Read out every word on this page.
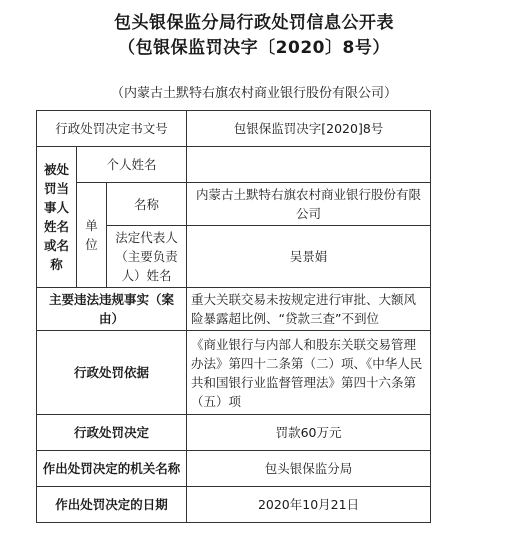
包头银保监分局行政处罚信息公开表
（包银保监罚决字〔2020〕8号）
（内蒙古土默特右旗农村商业银行股份有限公司）
行政处罚决定书文号			包银保监罚决字[2020]8号
被处罚当事人姓名或名称	个人姓名		
	单位	名称	内蒙古土默特右旗农村商业银行股份有限公司
		法定代表人（主要负责人）姓名	吴景娟
主要违法违规事实（案由）			重大关联交易未按规定进行审批、大额风险暴露超比例、“贷款三查”不到位
行政处罚依据			《商业银行与内部人和股东关联交易管理办法》第四十二条第（二）项、《中华人民共和国银行业监督管理法》第四十六条第（五）项
行政处罚决定			罚款60万元
作出处罚决定的机关名称			包头银保监分局
作出处罚决定的日期			2020年10月21日
